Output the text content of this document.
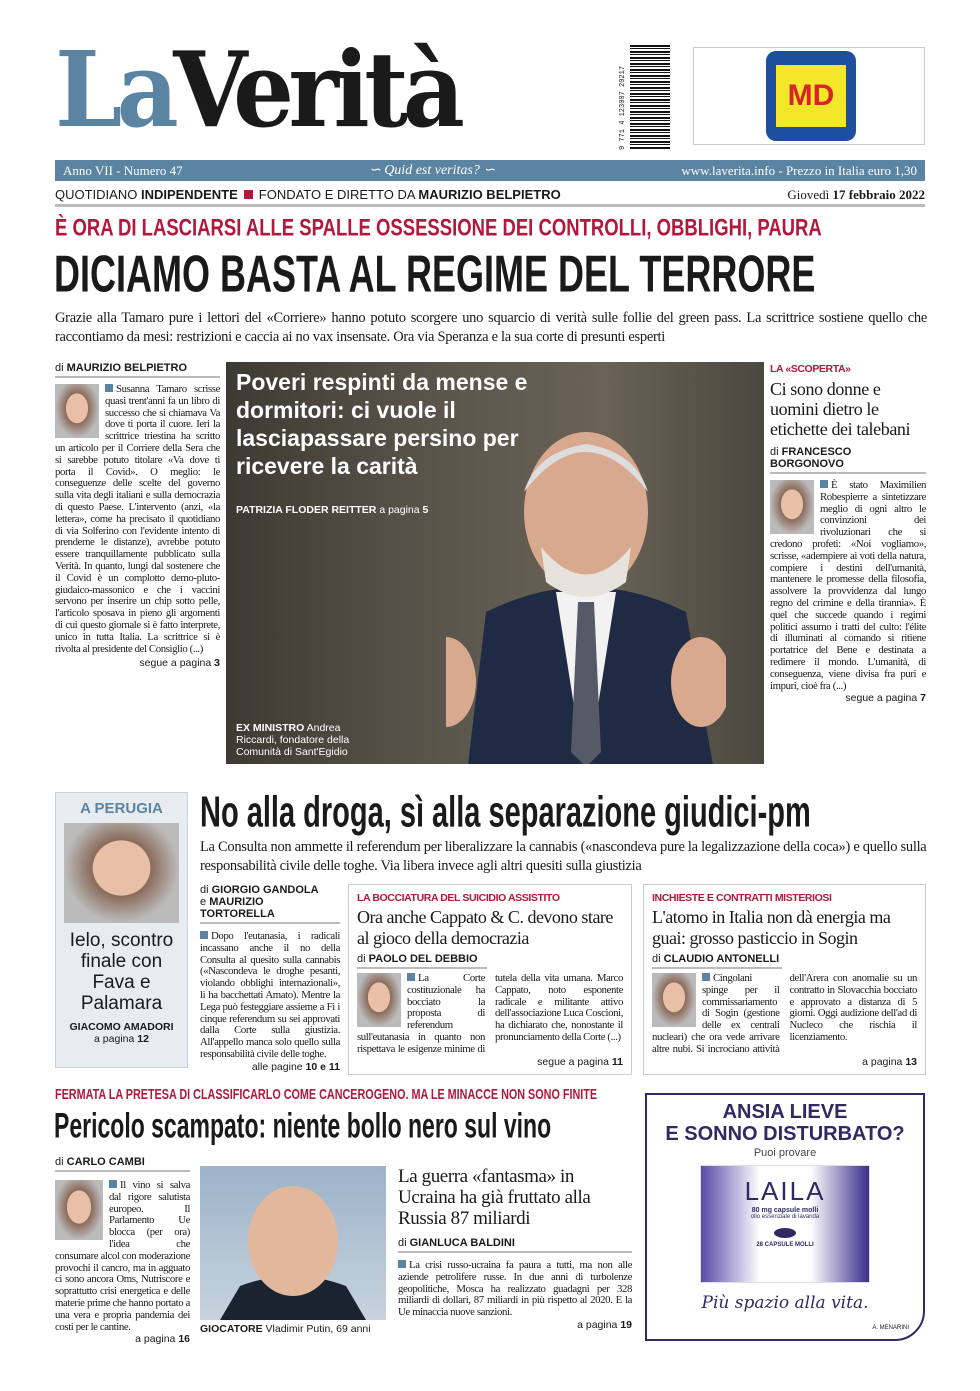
LaVerità	9 771 4 123007 20217	MD
Anno VII - Numero 47	∽ Quid est veritas? ∽	www.laverita.info - Prezzo in Italia euro 1,30
QUOTIDIANO INDIPENDENTE FONDATO E DIRETTO DA MAURIZIO BELPIETRO	Giovedì 17 febbraio 2022
È ORA DI LASCIARSI ALLE SPALLE OSSESSIONE DEI CONTROLLI, OBBLIGHI, PAURA
DICIAMO BASTA AL REGIME DEL TERRORE
Grazie alla Tamaro pure i lettori del «Corriere» hanno potuto scorgere uno squarcio di verità sulle follie del green pass. La scrittrice sostiene quello che raccontiamo da mesi: restrizioni e caccia ai no vax insensate. Ora via Speranza e la sua corte di presunti esperti
di MAURIZIO BELPIETRO
Susanna Tamaro scrisse quasi trent'anni fa un libro di successo che si chiamava Va dove ti porta il cuore. Ieri la scrittrice triestina ha scritto un articolo per il Corriere della Sera che si sarebbe potuto titolare «Va dove ti porta il Covid». O meglio: le conseguenze delle scelte del governo sulla vita degli italiani e sulla democrazia di questo Paese. L'intervento (anzi, «la lettera», come ha precisato il quotidiano di via Solferino con l'evidente intento di prenderne le distanze), avrebbe potuto essere tranquillamente pubblicato sulla Verità. In quanto, lungi dal sostenere che il Covid è un complotto demo-pluto-giudaico-massonico e che i vaccini servono per inserire un chip sotto pelle, l'articolo sposava in pieno gli argomenti di cui questo giornale si è fatto interprete, unico in tutta Italia. La scrittrice si è rivolta al presidente del Consiglio (...)
segue a pagina 3
Poveri respinti da mense e dormitori: ci vuole il lasciapassare persino per ricevere la carità
PATRIZIA FLODER REITTER a pagina 5
EX MINISTRO Andrea Riccardi, fondatore della Comunità di Sant'Egidio
LA «SCOPERTA»
Ci sono donne e uomini dietro le etichette dei talebani
di FRANCESCO BORGONOVO
È stato Maximilien Robespierre a sintetizzare meglio di ogni altro le convinzioni dei rivoluzionari che si credono profeti: «Noi vogliamo», scrisse, «adempiere ai voti della natura, compiere i destini dell'umanità, mantenere le promesse della filosofia, assolvere la provvidenza dal lungo regno del crimine e della tirannia». È quel che succede quando i regimi politici assumo i tratti del culto: l'élite di illuminati al comando si ritiene portatrice del Bene e destinata a redimere il mondo. L'umanità, di conseguenza, viene divisa fra puri e impuri, cioè fra (...)
segue a pagina 7
A PERUGIA
Ielo, scontro finale con Fava e Palamara
GIACOMO AMADORI
a pagina 12
No alla droga, sì alla separazione giudici-pm
La Consulta non ammette il referendum per liberalizzare la cannabis («nascondeva pure la legalizzazione della coca») e quello sulla responsabilità civile delle toghe. Via libera invece agli altri quesiti sulla giustizia
di GIORGIO GANDOLA
e MAURIZIO TORTORELLA
Dopo l'eutanasia, i radicali incassano anche il no della Consulta al quesito sulla cannabis («Nascondeva le droghe pesanti, violando obblighi internazionali», li ha bacchettati Amato). Mentre la Lega può festeggiare assieme a Fi i cinque referendum su sei approvati dalla Corte sulla giustizia. All'appello manca solo quello sulla responsabilità civile delle toghe.
alle pagine 10 e 11
LA BOCCIATURA DEL SUICIDIO ASSISTITO
Ora anche Cappato & C. devono stare al gioco della democrazia
di PAOLO DEL DEBBIO
La Corte costituzionale ha bocciato la proposta di referendum sull'eutanasia in quanto non rispettava le esigenze minime di tutela della vita umana. Marco Cappato, noto esponente radicale e militante attivo dell'associazione Luca Coscioni, ha dichiarato che, nonostante il pronunciamento della Corte (...)
segue a pagina 11
INCHIESTE E CONTRATTI MISTERIOSI
L'atomo in Italia non dà energia ma guai: grosso pasticcio in Sogin
di CLAUDIO ANTONELLI
Cingolani spinge per il commissariamento di Sogin (gestione delle ex centrali nucleari) che ora vede arrivare altre nubi. Si incrociano attività dell'Arera con anomalie su un contratto in Slovacchia bocciato e approvato a distanza di 5 giorni. Oggi audizione dell'ad di Nucleco che rischia il licenziamento.
a pagina 13
FERMATA LA PRETESA DI CLASSIFICARLO COME CANCEROGENO. MA LE MINACCE NON SONO FINITE
Pericolo scampato: niente bollo nero sul vino
di CARLO CAMBI
Il vino si salva dal rigore salutista europeo. Il Parlamento Ue blocca (per ora) l'idea che consumare alcol con moderazione provochi il cancro, ma in agguato ci sono ancora Oms, Nutriscore e soprattutto crisi energetica e delle materie prime che hanno portato a una vera e propria pandemia dei costi per le cantine.
a pagina 16
GIOCATORE Vladimir Putin, 69 anni
La guerra «fantasma» in Ucraina ha già fruttato alla Russia 87 miliardi
di GIANLUCA BALDINI
La crisi russo-ucraina fa paura a tutti, ma non alle aziende petrolifere russe. In due anni di turbolenze geopolitiche, Mosca ha realizzato guadagni per 328 miliardi di dollari, 87 miliardi in più rispetto al 2020. E la Ue minaccia nuove sanzioni.
a pagina 19
ANSIA LIEVE
E SONNO DISTURBATO?
Puoi provare
LAILA
80 mg capsule molli
olio essenziale di lavanda
28 CAPSULE MOLLI
Più spazio alla vita.
A. MENARINI
